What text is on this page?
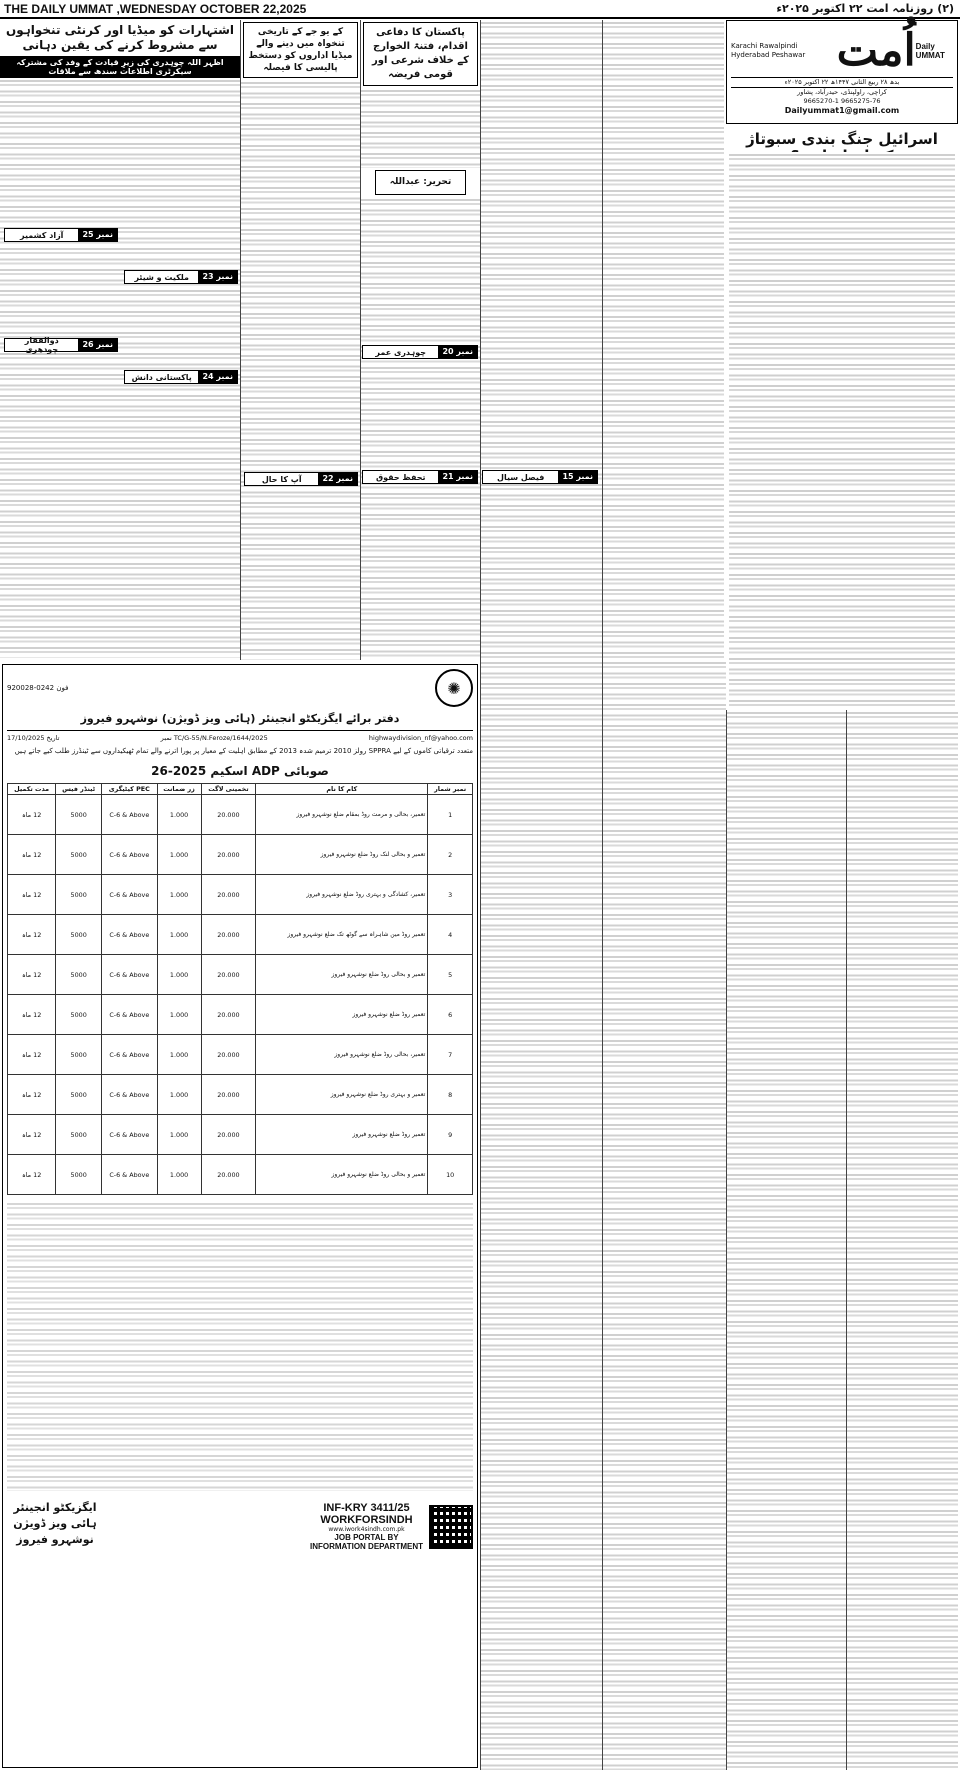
THE DAILY UMMAT ,WEDNESDAY OCTOBER 22,2025	(۲) روزنامہ امت ۲۲ اکتوبر ۲۰۲۵ء
Karachi Rawalpindi Hyderabad Peshawar اُمت Daily UMMAT
بدھ ۲۸ ربیع الثانی ۱۴۴۷ھ ۲۲ اکتوبر ۲۰۲۵ء
کراچی، راولپنڈی، حیدرآباد، پشاور
9665270-1 9665275-76
Dailyummat1@gmail.com
اسرائیل جنگ بندی سبوتاژ
پاکستان کا دفاعی اقدام، فتنۃ الخوارج کے خلاف شرعی اور قومی فریضہ
تحریر: عبداللہ
کے یو جے کے تاریخی تنخواہ میں دینے والے میڈیا اداروں کو دستخط پالیسی کا فیصلہ
اشتہارات کو میڈیا اور کرنٹی تنخواہوں سے مشروط کرنے کی یقین دہانی
اظہر اللہ چوہدری کی زیرِ قیادت کے وفد کی مشترکہ سیکرٹری اطلاعات سندھ سے ملاقات
نمبر 15
فیصل سیال
نمبر 20
چوہدری عمر
نمبر 21
تحفظ حقوق
نمبر 22
آپ کا حال
نمبر 23
ملکیت و شیئر
نمبر 24
پاکستانی دانش
نمبر 25
آزاد کشمیر
نمبر 26
ذوالفقار چودھری
فون 0242-920028	✺
دفتر برائے ایگزیکٹو انجینئر (ہائی ویز ڈویژن) نوشہرو فیروز
تاریخ 17/10/2025	نمبر TC/G-55/N.Feroze/1644/2025	highwaydivision_nf@yahoo.com
متعدد ترقیاتی کاموں کے لیے SPPRA رولز 2010 ترمیم شدہ 2013 کے مطابق اہلیت کے معیار پر پورا اترنے والے تمام ٹھیکیداروں سے ٹینڈرز طلب کیے جاتے ہیں
صوبائی ADP اسکیم 2025-26
نمبر شمار	کام کا نام	تخمینی لاگت	زر ضمانت	PEC کیٹیگری	ٹینڈر فیس	مدت تکمیل
1	تعمیر، بحالی و مرمت روڈ بمقام ضلع نوشہرو فیروز	20.000	1.000	C-6 & Above	5000	12 ماہ
2	تعمیر و بحالی لنک روڈ ضلع نوشہرو فیروز	20.000	1.000	C-6 & Above	5000	12 ماہ
3	تعمیر، کشادگی و بہتری روڈ ضلع نوشہرو فیروز	20.000	1.000	C-6 & Above	5000	12 ماہ
4	تعمیر روڈ مین شاہراہ سے گوٹھ تک ضلع نوشہرو فیروز	20.000	1.000	C-6 & Above	5000	12 ماہ
5	تعمیر و بحالی روڈ ضلع نوشہرو فیروز	20.000	1.000	C-6 & Above	5000	12 ماہ
6	تعمیر روڈ ضلع نوشہرو فیروز	20.000	1.000	C-6 & Above	5000	12 ماہ
7	تعمیر، بحالی روڈ ضلع نوشہرو فیروز	20.000	1.000	C-6 & Above	5000	12 ماہ
8	تعمیر و بہتری روڈ ضلع نوشہرو فیروز	20.000	1.000	C-6 & Above	5000	12 ماہ
9	تعمیر روڈ ضلع نوشہرو فیروز	20.000	1.000	C-6 & Above	5000	12 ماہ
10	تعمیر و بحالی روڈ ضلع نوشہرو فیروز	20.000	1.000	C-6 & Above	5000	12 ماہ
ایگزیکٹو انجینئر ہائی ویز ڈویژن نوشہرو فیروز
INF-KRY 3411/25
WORKFORSINDH
www.iwork4sindh.com.pk
JOB PORTAL BY
INFORMATION DEPARTMENT
